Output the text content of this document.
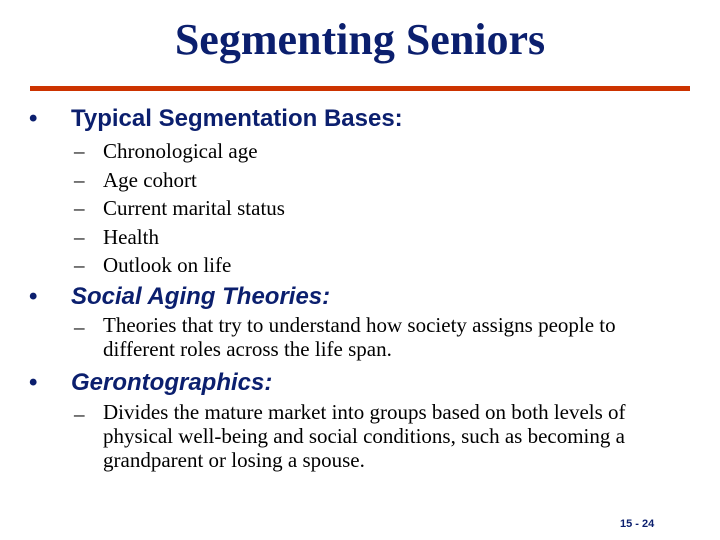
Segmenting Seniors
• Typical Segmentation Bases:
– Chronological age
– Age cohort
– Current marital status
– Health
– Outlook on life
• Social Aging Theories:
– Theories that try to understand how society assigns people to different roles across the life span.
• Gerontographics:
– Divides the mature market into groups based on both levels of physical well-being and social conditions, such as becoming a grandparent or losing a spouse.
15 - 24
